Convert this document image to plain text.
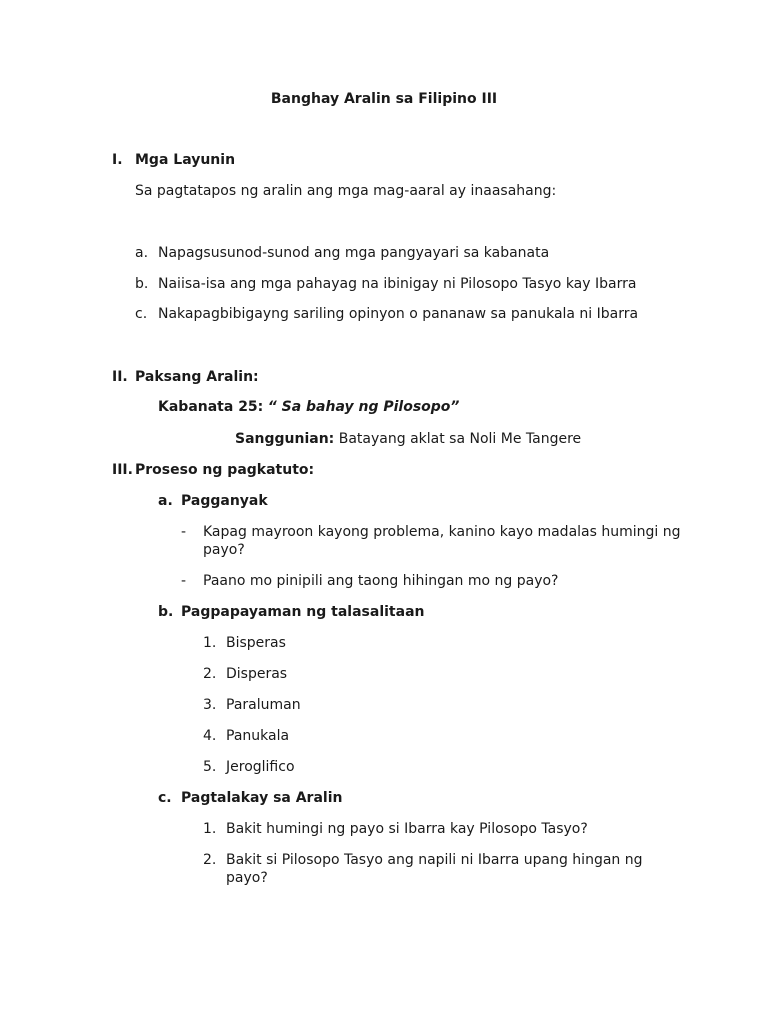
Banghay Aralin sa Filipino III
I. Mga Layunin
Sa pagtatapos ng aralin ang mga mag-aaral ay inaasahang:
a. Napagsusunod-sunod ang mga pangyayari sa kabanata
b. Naiisa-isa ang mga pahayag na ibinigay ni Pilosopo Tasyo kay Ibarra
c. Nakapagbibigayng sariling opinyon o pananaw sa panukala ni Ibarra
II. Paksang Aralin:
Kabanata 25: “ Sa bahay ng Pilosopo”
Sanggunian: Batayang aklat sa Noli Me Tangere
III. Proseso ng pagkatuto:
a. Pagganyak
- Kapag mayroon kayong problema, kanino kayo madalas humingi ng
payo?
- Paano mo pinipili ang taong hihingan mo ng payo?
b. Pagpapayaman ng talasalitaan
1. Bisperas
2. Disperas
3. Paraluman
4. Panukala
5. Jeroglifico
c. Pagtalakay sa Aralin
1. Bakit humingi ng payo si Ibarra kay Pilosopo Tasyo?
2. Bakit si Pilosopo Tasyo ang napili ni Ibarra upang hingan ng
payo?
